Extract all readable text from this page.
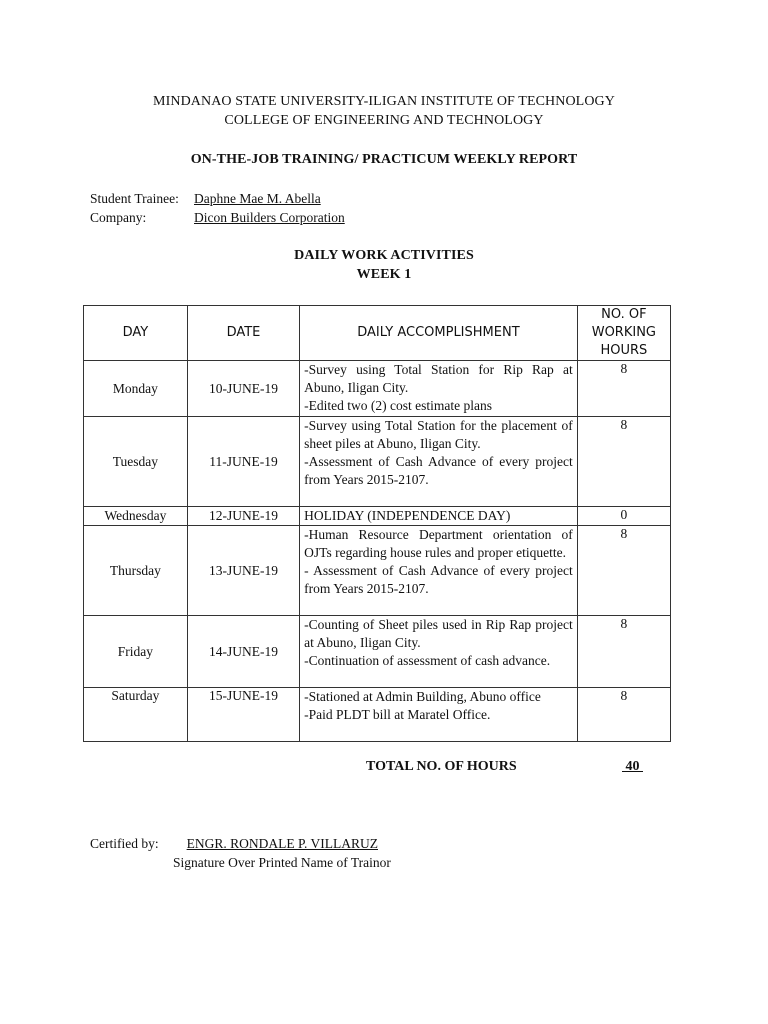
MINDANAO STATE UNIVERSITY-ILIGAN INSTITUTE OF TECHNOLOGY
COLLEGE OF ENGINEERING AND TECHNOLOGY
ON-THE-JOB TRAINING/ PRACTICUM WEEKLY REPORT
Student Trainee: Daphne Mae M. Abella
Company:	Dicon Builders Corporation
DAILY WORK ACTIVITIES
WEEK 1
DAY	DATE	DAILY ACCOMPLISHMENT	NO. OF
WORKING
HOURS

Monday	10-JUNE-19	-Survey using Total Station for Rip Rap at Abuno, Iligan City.
-Edited two (2) cost estimate plans	8
Tuesday	11-JUNE-19	-Survey using Total Station for the placement of sheet piles at Abuno, Iligan City.
-Assessment of Cash Advance of every project from Years 2015-2107.	8
Wednesday	12-JUNE-19	HOLIDAY (INDEPENDENCE DAY)	0
Thursday	13-JUNE-19	-Human Resource Department orientation of OJTs regarding house rules and proper etiquette.
- Assessment of Cash Advance of every project from Years 2015-2107.	8
Friday	14-JUNE-19	-Counting of Sheet piles used in Rip Rap project at Abuno, Iligan City.
-Continuation of assessment of cash advance.	8
Saturday	15-JUNE-19	-Stationed at Admin Building, Abuno office
-Paid PLDT bill at Maratel Office.	8
TOTAL NO. OF HOURS	40
Certified by: ENGR. RONDALE P. VILLARUZ
Signature Over Printed Name of Trainor
